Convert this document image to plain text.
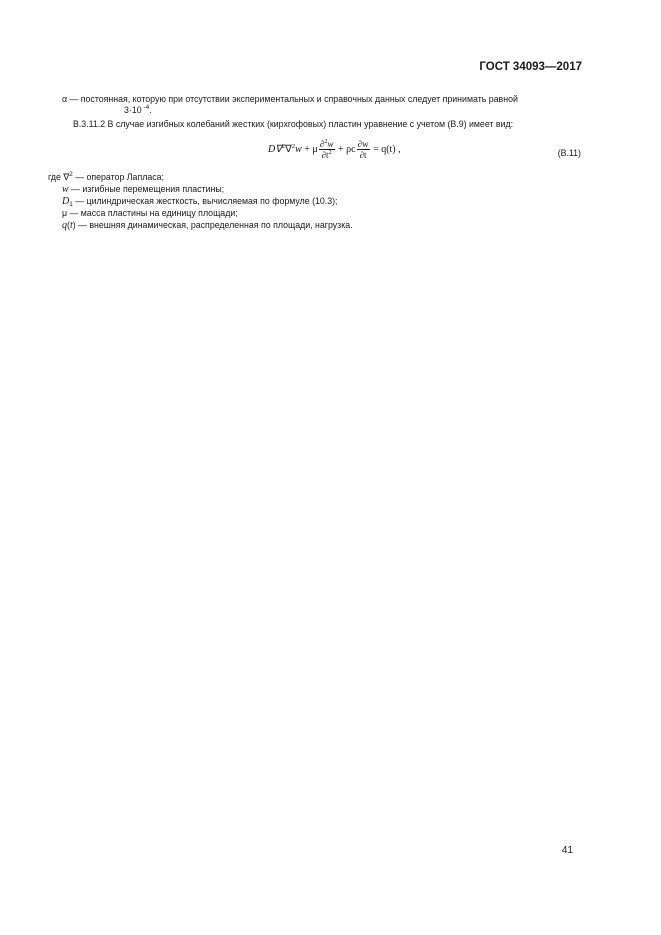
ГОСТ 34093—2017
α — постоянная, которую при отсутствии экспериментальных и справочных данных следует принимать равной
3·10 $^{-4}$.
В.3.11.2 В случае изгибных колебаний жестких (кирхгофовых) пластин уравнение с учетом (В.9) имеет вид:
D∇$^2$∇$^2$w + μ $\frac{\partial^2w}{\partial t^2} + \rho c \frac{\partial w}{\partial t} = q(t)$ ,	(В.11)
где ∇$^2$ — оператор Лапласа;
w — изгибные перемещения пластины;
$D_1$ — цилиндрическая жесткость, вычисляемая по формуле (10.3);
μ — масса пластины на единицу площади;
q(t) — внешняя динамическая, распределенная по площади, нагрузка.
41
